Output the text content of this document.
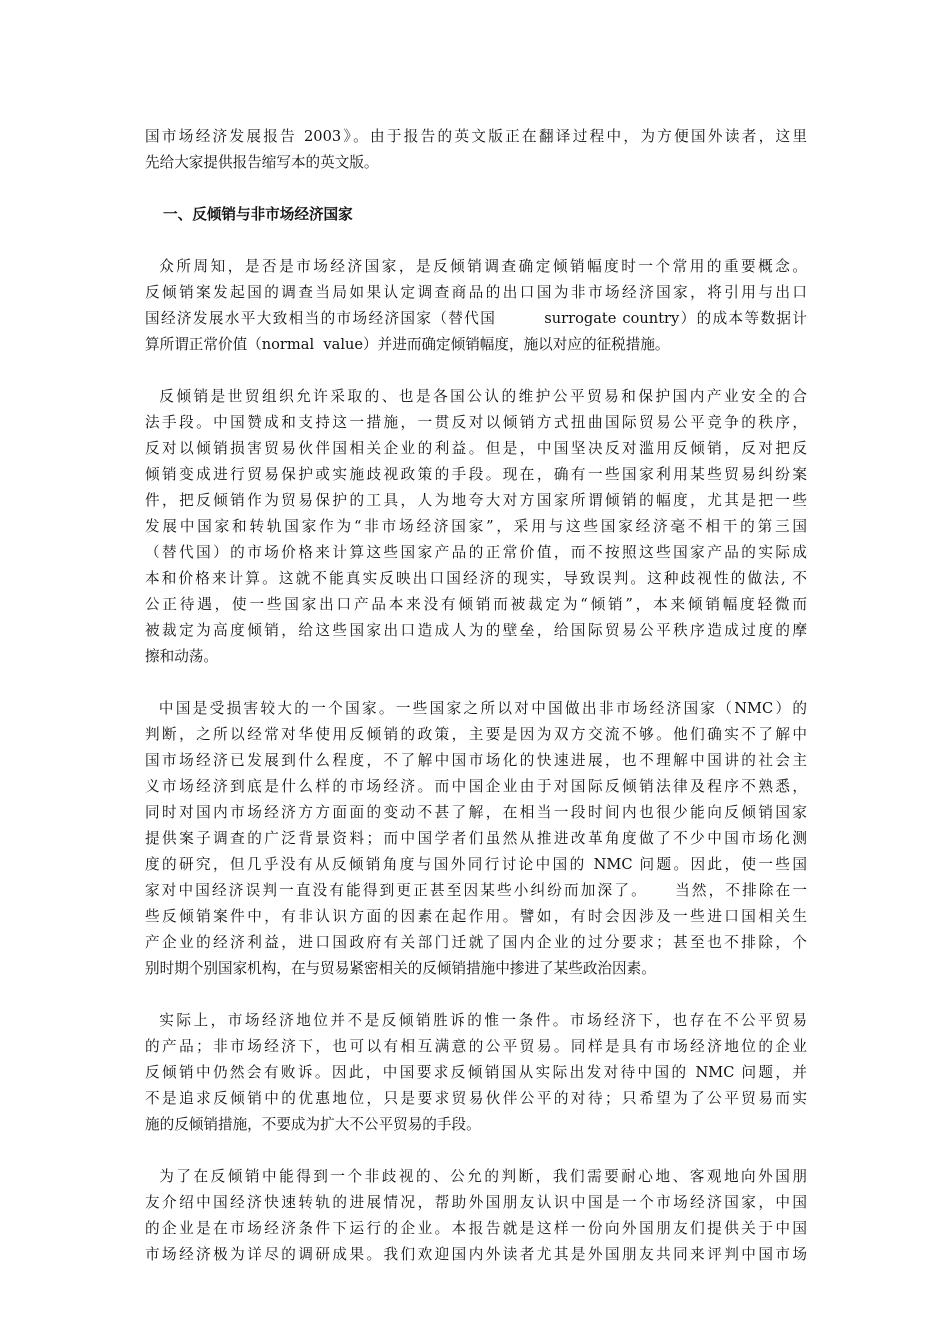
国市场经济发展报告 2003》。由于报告的英文版正在翻译过程中，为方便国外读者，这里
先给大家提供报告缩写本的英文版。
一、反倾销与非市场经济国家
众所周知，是否是市场经济国家，是反倾销调查确定倾销幅度时一个常用的重要概念。
反倾销案发起国的调查当局如果认定调查商品的出口国为非市场经济国家，将引用与出口
国经济发展水平大致相当的市场经济国家（替代国        surrogate country）的成本等数据计
算所谓正常价值（normal  value）并进而确定倾销幅度，施以对应的征税措施。
反倾销是世贸组织允许采取的、也是各国公认的维护公平贸易和保护国内产业安全的合
法手段。中国赞成和支持这一措施，一贯反对以倾销方式扭曲国际贸易公平竞争的秩序，
反对以倾销损害贸易伙伴国相关企业的利益。但是，中国坚决反对滥用反倾销，反对把反
倾销变成进行贸易保护或实施歧视政策的手段。现在，确有一些国家利用某些贸易纠纷案
件，把反倾销作为贸易保护的工具，人为地夸大对方国家所谓倾销的幅度，尤其是把一些
发展中国家和转轨国家作为“非市场经济国家”，采用与这些国家经济毫不相干的第三国
（替代国）的市场价格来计算这些国家产品的正常价值，而不按照这些国家产品的实际成
本和价格来计算。这就不能真实反映出口国经济的现实，导致误判。这种歧视性的做法, 不
公正待遇，使一些国家出口产品本来没有倾销而被裁定为“倾销”，本来倾销幅度轻微而
被裁定为高度倾销，给这些国家出口造成人为的壁垒，给国际贸易公平秩序造成过度的摩
擦和动荡。
中国是受损害较大的一个国家。一些国家之所以对中国做出非市场经济国家（NMC）的
判断，之所以经常对华使用反倾销的政策，主要是因为双方交流不够。他们确实不了解中
国市场经济已发展到什么程度，不了解中国市场化的快速进展，也不理解中国讲的社会主
义市场经济到底是什么样的市场经济。而中国企业由于对国际反倾销法律及程序不熟悉，
同时对国内市场经济方方面面的变动不甚了解，在相当一段时间内也很少能向反倾销国家
提供案子调查的广泛背景资料；而中国学者们虽然从推进改革角度做了不少中国市场化测
度的研究，但几乎没有从反倾销角度与国外同行讨论中国的 NMC 问题。因此，使一些国
家对中国经济误判一直没有能得到更正甚至因某些小纠纷而加深了。    当然，不排除在一
些反倾销案件中，有非认识方面的因素在起作用。譬如，有时会因涉及一些进口国相关生
产企业的经济利益，进口国政府有关部门迁就了国内企业的过分要求；甚至也不排除，个
别时期个别国家机构，在与贸易紧密相关的反倾销措施中掺进了某些政治因素。
实际上，市场经济地位并不是反倾销胜诉的惟一条件。市场经济下，也存在不公平贸易
的产品；非市场经济下，也可以有相互满意的公平贸易。同样是具有市场经济地位的企业
反倾销中仍然会有败诉。因此，中国要求反倾销国从实际出发对待中国的 NMC 问题，并
不是追求反倾销中的优惠地位，只是要求贸易伙伴公平的对待；只希望为了公平贸易而实
施的反倾销措施，不要成为扩大不公平贸易的手段。
为了在反倾销中能得到一个非歧视的、公允的判断，我们需要耐心地、客观地向外国朋
友介绍中国经济快速转轨的进展情况，帮助外国朋友认识中国是一个市场经济国家，中国
的企业是在市场经济条件下运行的企业。本报告就是这样一份向外国朋友们提供关于中国
市场经济极为详尽的调研成果。我们欢迎国内外读者尤其是外国朋友共同来评判中国市场
